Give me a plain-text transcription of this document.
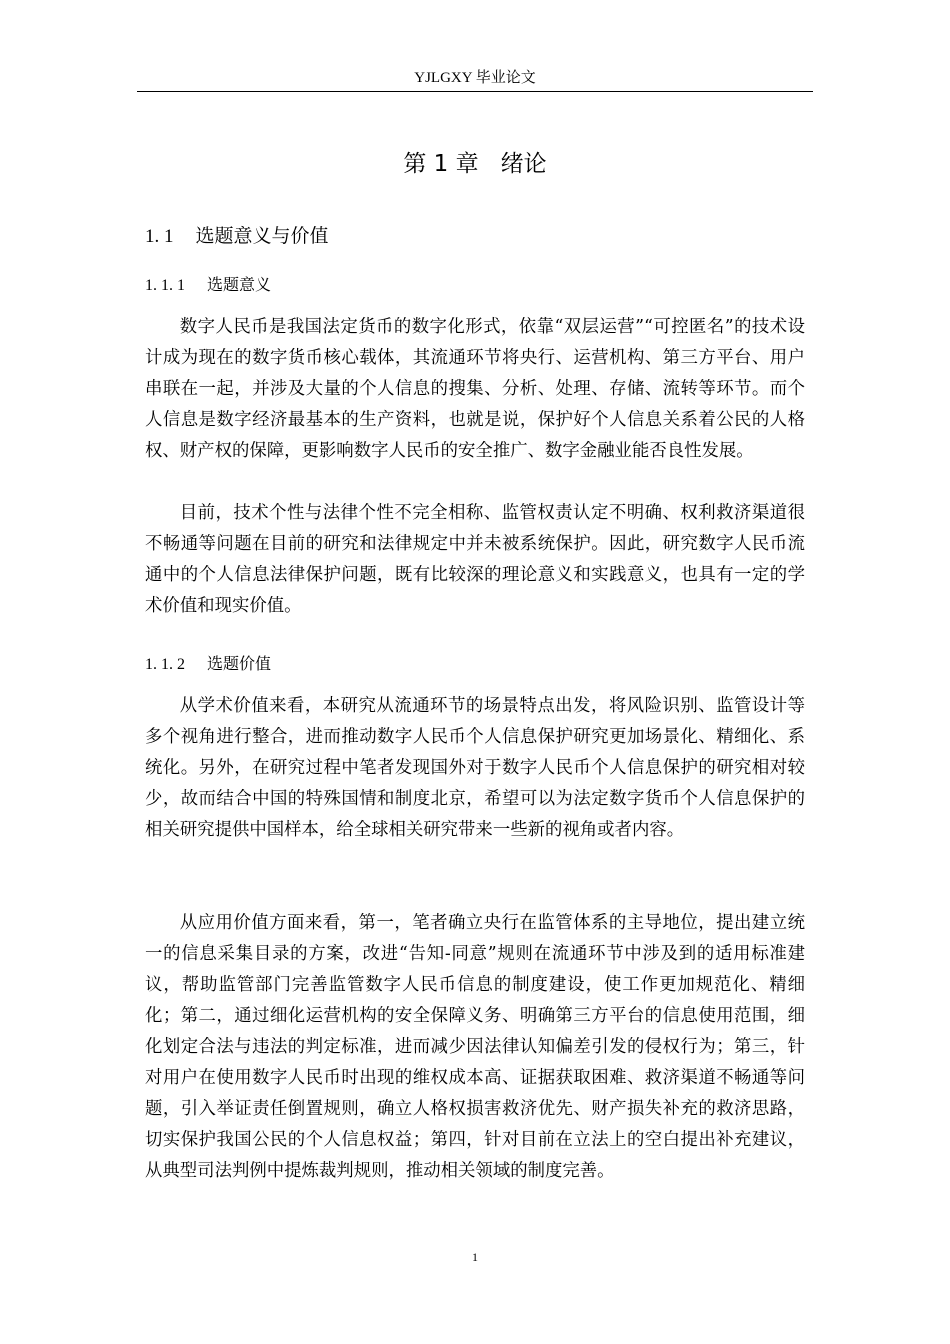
YJLGXY 毕业论文
第 1 章 绪论
1. 1 选题意义与价值
1. 1. 1 选题意义

数字人民币是我国法定货币的数字化形式，依靠“双层运营”“可控匿名”的技术设计成为现在的数字货币核心载体，其流通环节将央行、运营机构、第三方平台、用户串联在一起，并涉及大量的个人信息的搜集、分析、处理、存储、流转等环节。而个人信息是数字经济最基本的生产资料，也就是说，保护好个人信息关系着公民的人格权、财产权的保障，更影响数字人民币的安全推广、数字金融业能否良性发展。

目前，技术个性与法律个性不完全相称、监管权责认定不明确、权利救济渠道很不畅通等问题在目前的研究和法律规定中并未被系统保护。因此，研究数字人民币流通中的个人信息法律保护问题，既有比较深的理论意义和实践意义，也具有一定的学术价值和现实价值。

1. 1. 2 选题价值

从学术价值来看，本研究从流通环节的场景特点出发，将风险识别、监管设计等多个视角进行整合，进而推动数字人民币个人信息保护研究更加场景化、精细化、系统化。另外，在研究过程中笔者发现国外对于数字人民币个人信息保护的研究相对较少，故而结合中国的特殊国情和制度北京，希望可以为法定数字货币个人信息保护的相关研究提供中国样本，给全球相关研究带来一些新的视角或者内容。

从应用价值方面来看，第一，笔者确立央行在监管体系的主导地位，提出建立统一的信息采集目录的方案，改进“告知-同意”规则在流通环节中涉及到的适用标准建议，帮助监管部门完善监管数字人民币信息的制度建设，使工作更加规范化、精细化；第二，通过细化运营机构的安全保障义务、明确第三方平台的信息使用范围，细化划定合法与违法的判定标准，进而减少因法律认知偏差引发的侵权行为；第三，针对用户在使用数字人民币时出现的维权成本高、证据获取困难、救济渠道不畅通等问题，引入举证责任倒置规则，确立人格权损害救济优先、财产损失补充的救济思路，切实保护我国公民的个人信息权益；第四，针对目前在立法上的空白提出补充建议，从典型司法判例中提炼裁判规则，推动相关领域的制度完善。

1
